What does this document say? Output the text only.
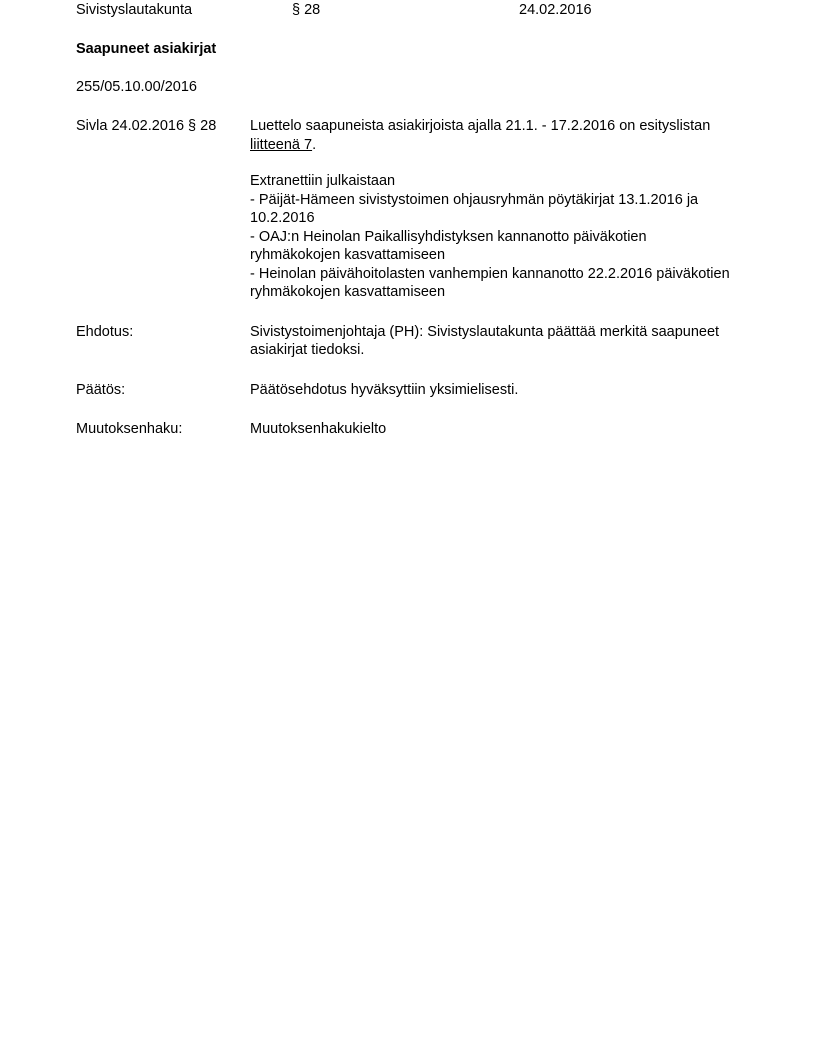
Sivistyslautakunta	§ 28	24.02.2016
Saapuneet asiakirjat
255/05.10.00/2016
Sivla 24.02.2016 § 28	Luettelo saapuneista asiakirjoista ajalla 21.1. - 17.2.2016 on esityslistan liitteenä 7.

Extranettiin julkaistaan

- Päijät-Hämeen sivistystoimen ohjausryhmän pöytäkirjat 13.1.2016 ja 10.2.2016

- OAJ:n Heinolan Paikallisyhdistyksen kannanotto päiväkotien ryhmäkokojen kasvattamiseen

- Heinolan päivähoitolasten vanhempien kannanotto 22.2.2016 päiväkotien ryhmäkokojen kasvattamiseen

Ehdotus:	Sivistystoimenjohtaja (PH): Sivistyslautakunta päättää merkitä saapuneet asiakirjat tiedoksi.

Päätös:	Päätösehdotus hyväksyttiin yksimielisesti.

Muutoksenhaku:	Muutoksenhakukielto
